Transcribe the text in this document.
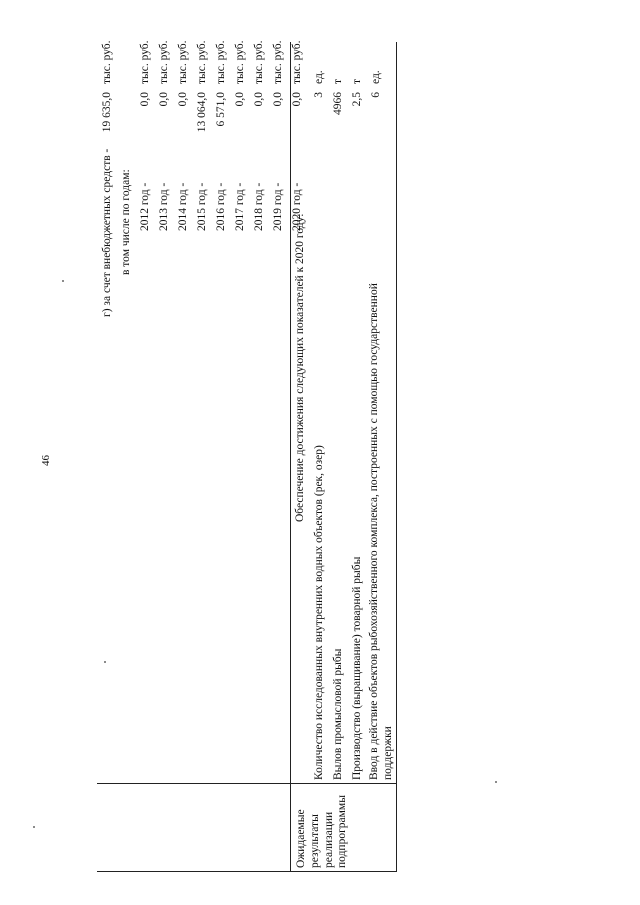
46
г) за счет внебюджетных средств -
19 635,0
тыс. руб.
в том числе по годам: 2012 год -
0,0
тыс. руб.
2013 год -
0,0
тыс. руб.
2014 год -
0,0
тыс. руб.
2015 год -
13 064,0
тыс. руб.
2016 год -
6 571,0
тыс. руб.
2017 год -
0,0
тыс. руб.
2018 год -
0,0
тыс. руб.
2019 год -
0,0
тыс. руб.
2020 год -
0,0
тыс. руб.
Ожидаемые результаты реализации подпрограммы
Обеспечение достижения следующих показателей к 2020 году:
Количество исследованных внутренних водных объектов (рек, озер)
3
ед.
Вылов промысловой рыбы
4966
т
Производство (выращивание) товарной рыбы
2,5
т
Ввод в действие объектов рыбохозяйственного комплекса, построенных с помощью государственной
6
ед.
поддержки
